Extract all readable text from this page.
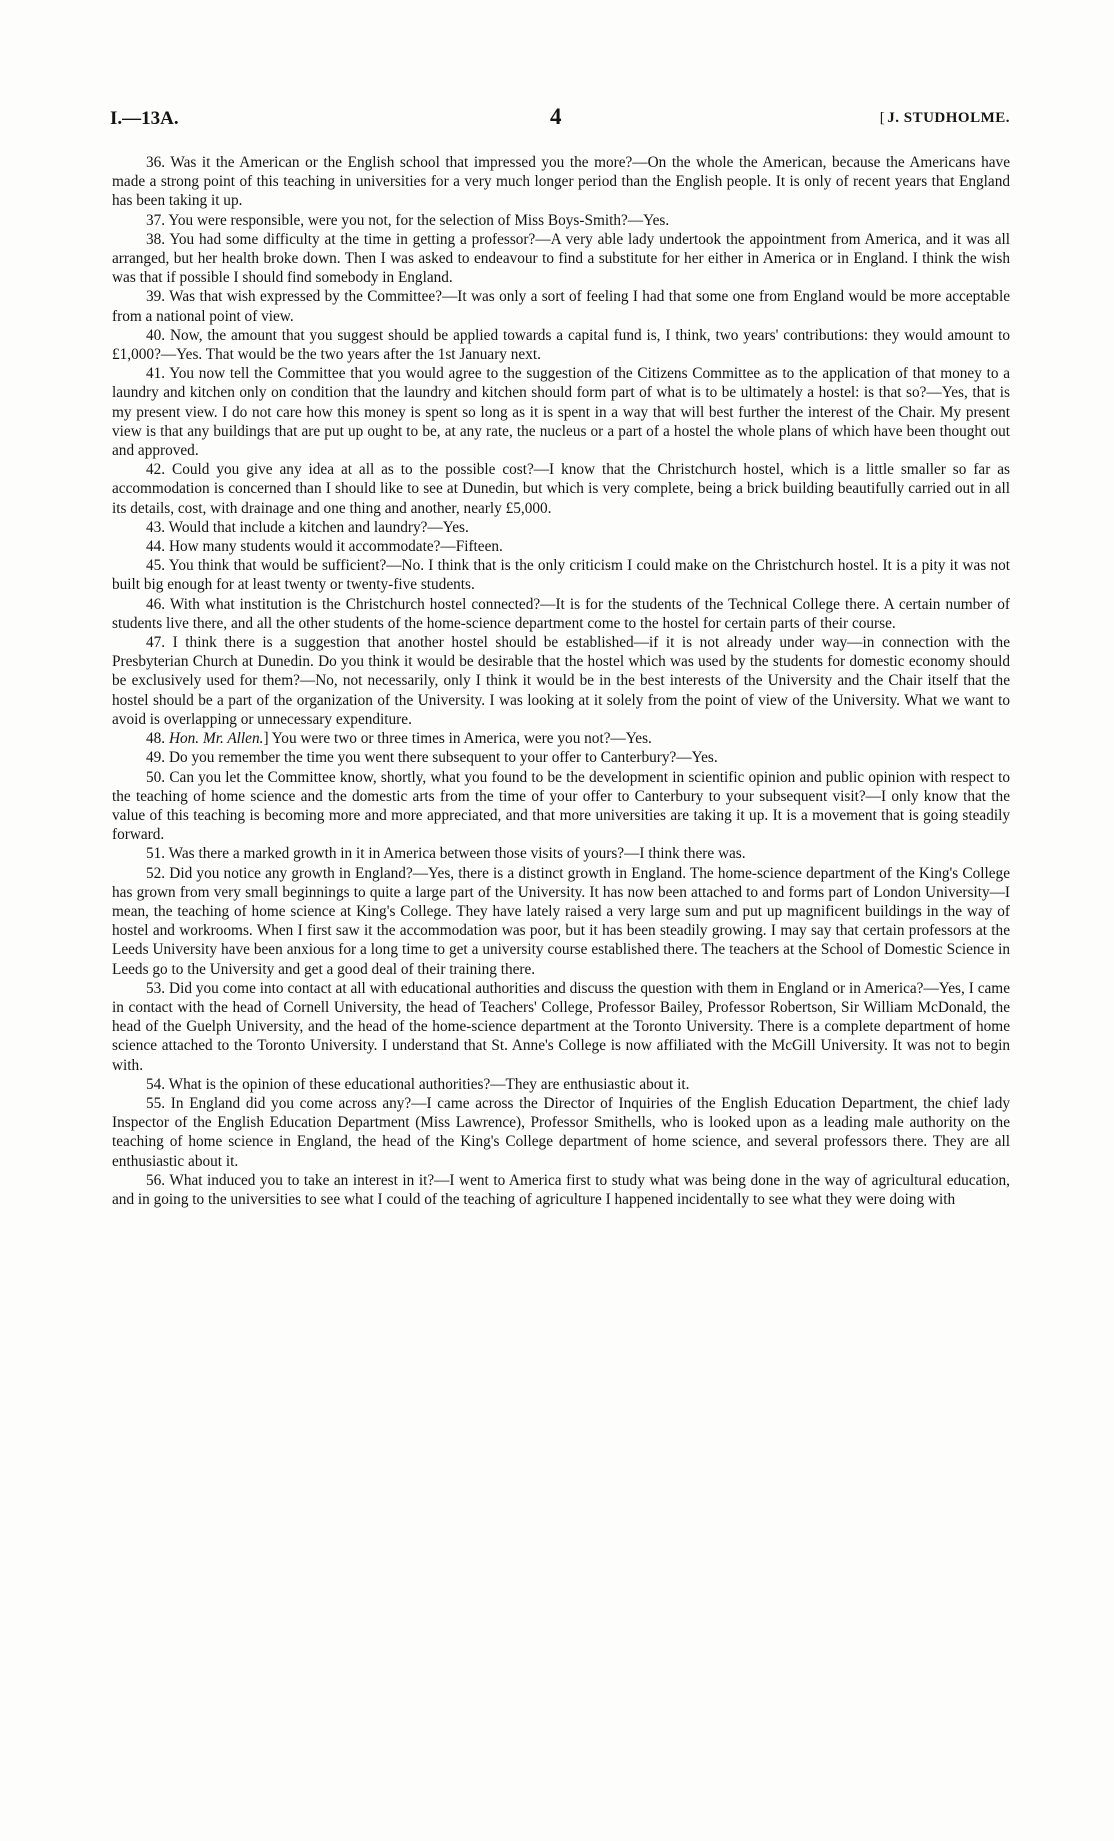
I.—13A.	4	[ J. STUDHOLME.

36. Was it the American or the English school that impressed you the more?—On the whole the American, because the Americans have made a strong point of this teaching in universities for a very much longer period than the English people. It is only of recent years that England has been taking it up.

37. You were responsible, were you not, for the selection of Miss Boys-Smith?—Yes.

38. You had some difficulty at the time in getting a professor?—A very able lady undertook the appointment from America, and it was all arranged, but her health broke down. Then I was asked to endeavour to find a substitute for her either in America or in England. I think the wish was that if possible I should find somebody in England.

39. Was that wish expressed by the Committee?—It was only a sort of feeling I had that some one from England would be more acceptable from a national point of view.

40. Now, the amount that you suggest should be applied towards a capital fund is, I think, two years' contributions: they would amount to £1,000?—Yes. That would be the two years after the 1st January next.

41. You now tell the Committee that you would agree to the suggestion of the Citizens Committee as to the application of that money to a laundry and kitchen only on condition that the laundry and kitchen should form part of what is to be ultimately a hostel: is that so?—Yes, that is my present view. I do not care how this money is spent so long as it is spent in a way that will best further the interest of the Chair. My present view is that any buildings that are put up ought to be, at any rate, the nucleus or a part of a hostel the whole plans of which have been thought out and approved.

42. Could you give any idea at all as to the possible cost?—I know that the Christchurch hostel, which is a little smaller so far as accommodation is concerned than I should like to see at Dunedin, but which is very complete, being a brick building beautifully carried out in all its details, cost, with drainage and one thing and another, nearly £5,000.

43. Would that include a kitchen and laundry?—Yes.

44. How many students would it accommodate?—Fifteen.

45. You think that would be sufficient?—No. I think that is the only criticism I could make on the Christchurch hostel. It is a pity it was not built big enough for at least twenty or twenty-five students.

46. With what institution is the Christchurch hostel connected?—It is for the students of the Technical College there. A certain number of students live there, and all the other students of the home-science department come to the hostel for certain parts of their course.

47. I think there is a suggestion that another hostel should be established—if it is not already under way—in connection with the Presbyterian Church at Dunedin. Do you think it would be desirable that the hostel which was used by the students for domestic economy should be exclusively used for them?—No, not necessarily, only I think it would be in the best interests of the University and the Chair itself that the hostel should be a part of the organization of the University. I was looking at it solely from the point of view of the University. What we want to avoid is overlapping or unnecessary expenditure.

48. Hon. Mr. Allen.] You were two or three times in America, were you not?—Yes.

49. Do you remember the time you went there subsequent to your offer to Canterbury?—Yes.

50. Can you let the Committee know, shortly, what you found to be the development in scientific opinion and public opinion with respect to the teaching of home science and the domestic arts from the time of your offer to Canterbury to your subsequent visit?—I only know that the value of this teaching is becoming more and more appreciated, and that more universities are taking it up. It is a movement that is going steadily forward.

51. Was there a marked growth in it in America between those visits of yours?—I think there was.

52. Did you notice any growth in England?—Yes, there is a distinct growth in England. The home-science department of the King's College has grown from very small beginnings to quite a large part of the University. It has now been attached to and forms part of London University—I mean, the teaching of home science at King's College. They have lately raised a very large sum and put up magnificent buildings in the way of hostel and workrooms. When I first saw it the accommodation was poor, but it has been steadily growing. I may say that certain professors at the Leeds University have been anxious for a long time to get a university course established there. The teachers at the School of Domestic Science in Leeds go to the University and get a good deal of their training there.

53. Did you come into contact at all with educational authorities and discuss the question with them in England or in America?—Yes, I came in contact with the head of Cornell University, the head of Teachers' College, Professor Bailey, Professor Robertson, Sir William McDonald, the head of the Guelph University, and the head of the home-science department at the Toronto University. There is a complete department of home science attached to the Toronto University. I understand that St. Anne's College is now affiliated with the McGill University. It was not to begin with.

54. What is the opinion of these educational authorities?—They are enthusiastic about it.

55. In England did you come across any?—I came across the Director of Inquiries of the English Education Department, the chief lady Inspector of the English Education Department (Miss Lawrence), Professor Smithells, who is looked upon as a leading male authority on the teaching of home science in England, the head of the King's College department of home science, and several professors there. They are all enthusiastic about it.

56. What induced you to take an interest in it?—I went to America first to study what was being done in the way of agricultural education, and in going to the universities to see what I could of the teaching of agriculture I happened incidentally to see what they were doing with
